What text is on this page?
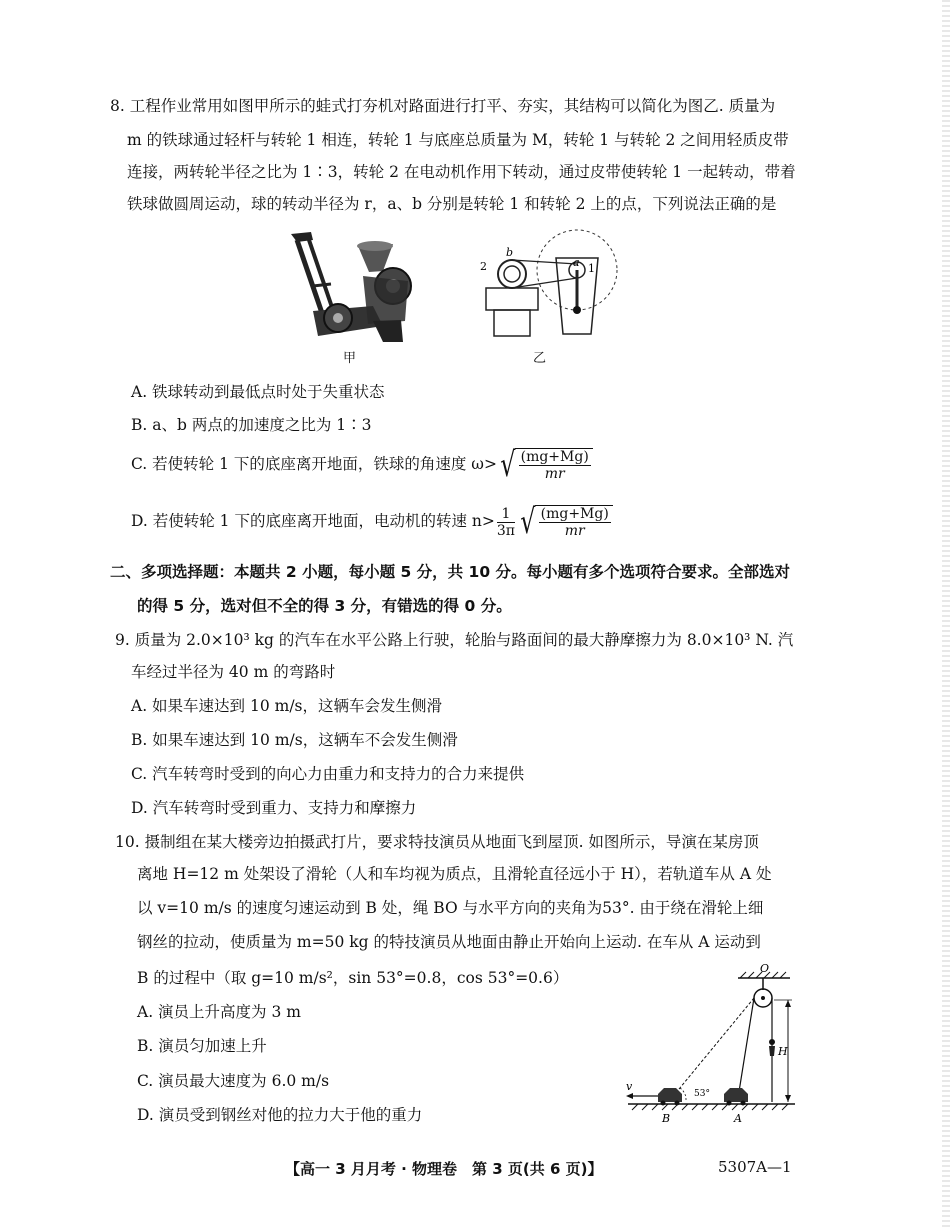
8. 工程作业常用如图甲所示的蛙式打夯机对路面进行打平、夯实，其结构可以简化为图乙. 质量为
m 的铁球通过轻杆与转轮 1 相连，转轮 1 与底座总质量为 M，转轮 1 与转轮 2 之间用轻质皮带
连接，两转轮半径之比为 1∶3，转轮 2 在电动机作用下转动，通过皮带使转轮 1 一起转动，带着
铁球做圆周运动，球的转动半径为 r，a、b 分别是转轮 1 和转轮 2 上的点，下列说法正确的是
甲
2
b
a 1
乙
A. 铁球转动到最低点时处于失重状态
B. a、b 两点的加速度之比为 1∶3
C. 若使转轮 1 下的底座离开地面，铁球的角速度 ω> √ $\frac{(mg+Mg)}{mr}$
D. 若使转轮 1 下的底座离开地面，电动机的转速 $n> \frac{1}{3\pi}$ √ $\frac{(mg+Mg)}{mr}$
二、多项选择题：本题共 2 小题，每小题 5 分，共 10 分。每小题有多个选项符合要求。全部选对
的得 5 分，选对但不全的得 3 分，有错选的得 0 分。
9. 质量为 2.0×10³ kg 的汽车在水平公路上行驶，轮胎与路面间的最大静摩擦力为 8.0×10³ N. 汽
车经过半径为 40 m 的弯路时
A. 如果车速达到 10 m/s，这辆车会发生侧滑
B. 如果车速达到 10 m/s，这辆车不会发生侧滑
C. 汽车转弯时受到的向心力由重力和支持力的合力来提供
D. 汽车转弯时受到重力、支持力和摩擦力
10. 摄制组在某大楼旁边拍摄武打片，要求特技演员从地面飞到屋顶. 如图所示，导演在某房顶
离地 H=12 m 处架设了滑轮（人和车均视为质点，且滑轮直径远小于 H），若轨道车从 A 处
以 v=10 m/s 的速度匀速运动到 B 处，绳 BO 与水平方向的夹角为53°. 由于绕在滑轮上细
钢丝的拉动，使质量为 m=50 kg 的特技演员从地面由静止开始向上运动. 在车从 A 运动到
B 的过程中（取 g=10 m/s²，sin 53°=0.8，cos 53°=0.6）
A. 演员上升高度为 3 m
B. 演员匀加速上升
C. 演员最大速度为 6.0 m/s
D. 演员受到钢丝对他的拉力大于他的重力
O
H
v
53°
B	A
【高一 3 月月考 · 物理卷　第 3 页(共 6 页)】	5307A—1
